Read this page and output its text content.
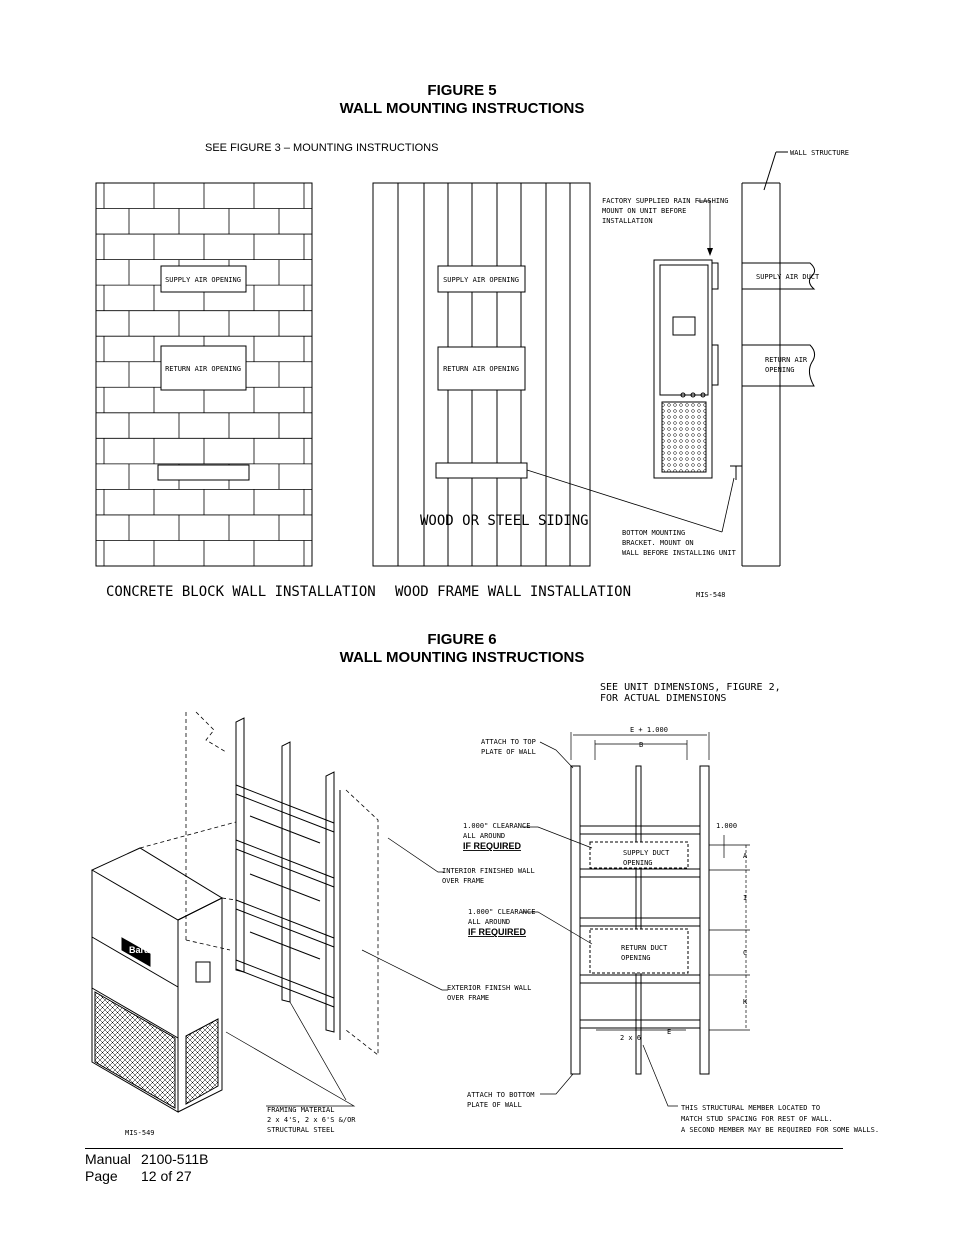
FIGURE 5
WALL MOUNTING INSTRUCTIONS
SEE FIGURE 3 – MOUNTING INSTRUCTIONS
SUPPLY AIR OPENING
RETURN AIR OPENING
CONCRETE BLOCK WALL INSTALLATION
SUPPLY AIR OPENING
RETURN AIR OPENING
WOOD OR STEEL SIDING
WOOD FRAME WALL INSTALLATION
WALL STRUCTURE
SUPPLY AIR DUCT
RETURN AIR
OPENING
FACTORY SUPPLIED RAIN FLASHING
MOUNT ON UNIT BEFORE
INSTALLATION
BOTTOM MOUNTING
BRACKET. MOUNT ON
WALL BEFORE INSTALLING UNIT
MIS-548
Bard
INTERIOR FINISHED WALL
OVER FRAME
EXTERIOR FINISH WALL
OVER FRAME
FRAMING MATERIAL
2 x 4'S, 2 x 6'S &/OR
STRUCTURAL STEEL
MIS-549
SEE UNIT DIMENSIONS, FIGURE 2,
FOR ACTUAL DIMENSIONS
ATTACH TO TOP
PLATE OF WALL
1.000" CLEARANCE
ALL AROUND
IF REQUIRED
1.000" CLEARANCE
ALL AROUND
IF REQUIRED
ATTACH TO BOTTOM
PLATE OF WALL	THIS STRUCTURAL MEMBER LOCATED TO
MATCH STUD SPACING FOR REST OF WALL.
A SECOND MEMBER MAY BE REQUIRED FOR SOME WALLS.
E + 1.000
B
1.000
SUPPLY DUCT
OPENING
RETURN DUCT
OPENING
A
I
C
K
2 x 6
E
FIGURE 6
WALL MOUNTING INSTRUCTIONS
Manual 2100-511B
Page 12 of 27
